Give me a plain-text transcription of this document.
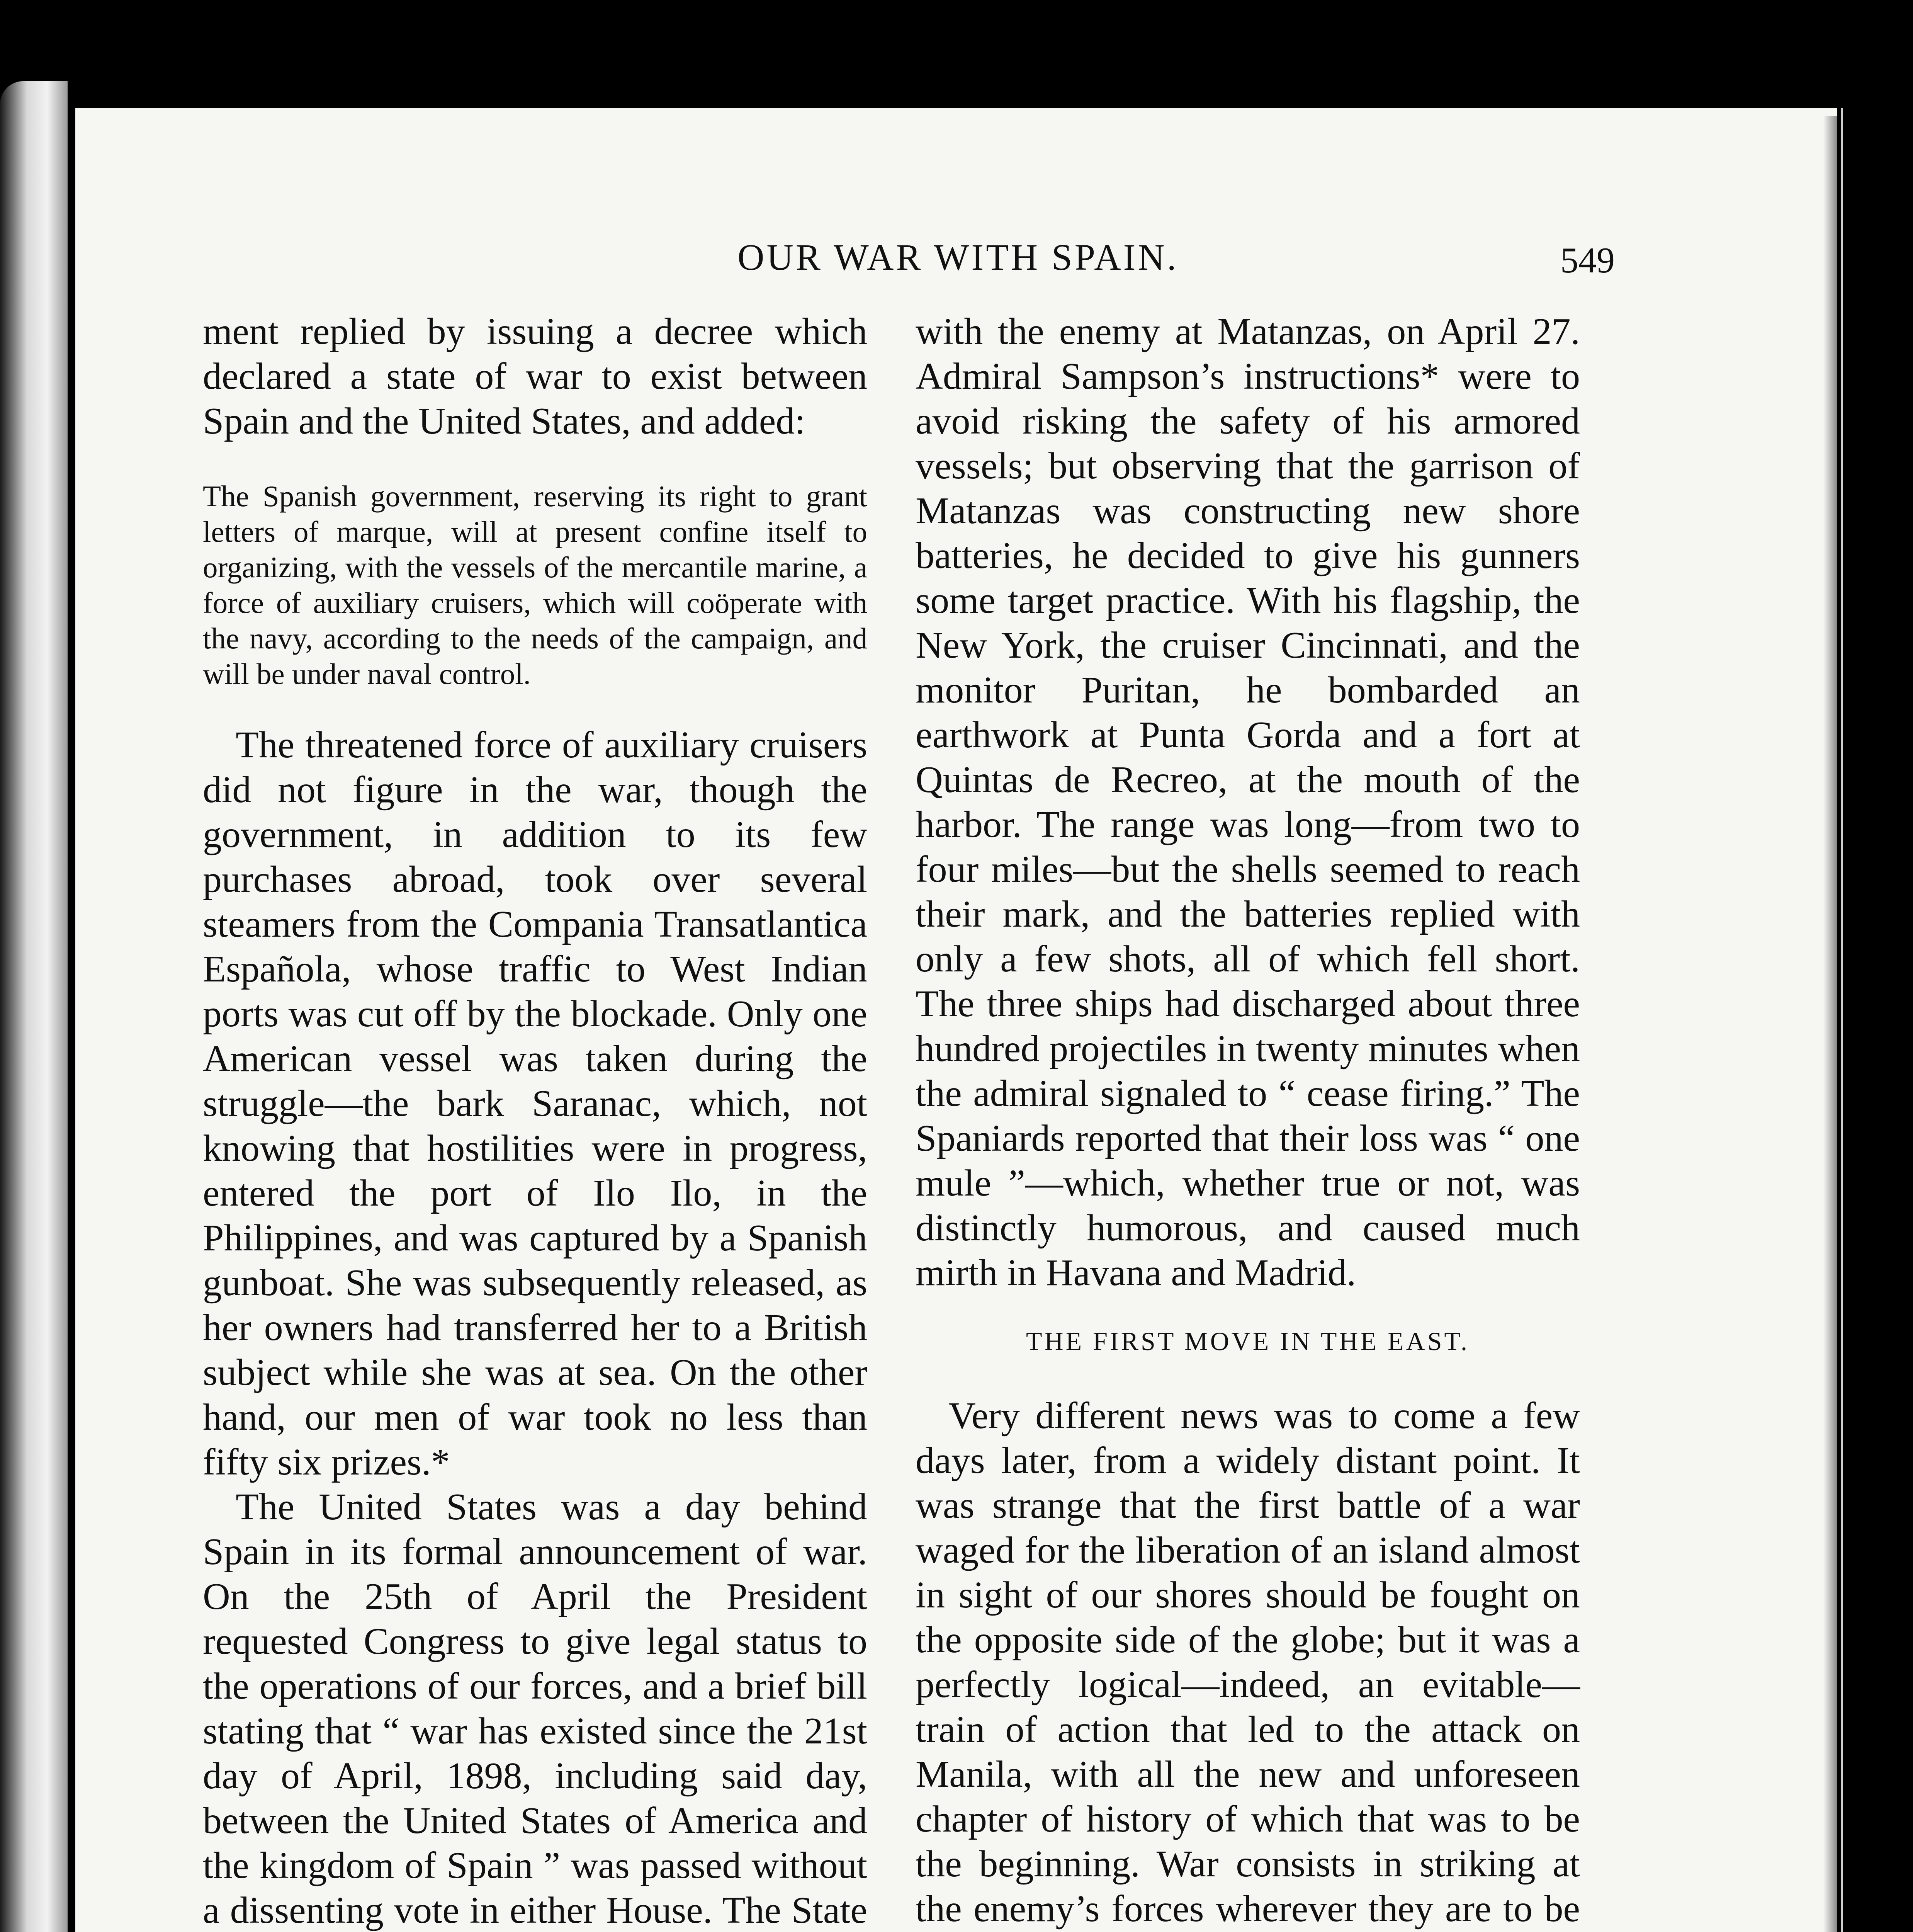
OUR WAR WITH SPAIN.	549

ment replied by issuing a decree which declared a state of war to exist between Spain and the United States, and added:

The Spanish government, reserving its right to grant letters of marque, will at present confine itself to organizing, with the vessels of the mercantile marine, a force of auxiliary cruisers, which will coöperate with the navy, according to the needs of the campaign, and will be under naval control.

The threatened force of auxiliary cruisers did not figure in the war, though the government, in addition to its few purchases abroad, took over several steamers from the Compania Transatlantica Española, whose traffic to West Indian ports was cut off by the blockade. Only one American vessel was taken during the struggle—the bark Saranac, which, not knowing that hostilities were in progress, entered the port of Ilo Ilo, in the Philippines, and was captured by a Spanish gunboat. She was subsequently released, as her owners had transferred her to a British subject while she was at sea. On the other hand, our men of war took no less than fifty six prizes.*

The United States was a day behind Spain in its formal announcement of war. On the 25th of April the President requested Congress to give legal status to the operations of our forces, and a brief bill stating that “ war has existed since the 21st day of April, 1898, including said day, between the United States of America and the kingdom of Spain ” was passed without a dissenting vote in either House. The State

with the enemy at Matanzas, on April 27. Admiral Sampson’s instructions* were to avoid risking the safety of his armored vessels; but observing that the garrison of Matanzas was constructing new shore batteries, he decided to give his gunners some target practice. With his flagship, the New York, the cruiser Cincinnati, and the monitor Puritan, he bombarded an earthwork at Punta Gorda and a fort at Quintas de Recreo, at the mouth of the harbor. The range was long—from two to four miles—but the shells seemed to reach their mark, and the batteries replied with only a few shots, all of which fell short. The three ships had discharged about three hundred projectiles in twenty minutes when the admiral signaled to “ cease firing.” The Spaniards reported that their loss was “ one mule ”—which, whether true or not, was distinctly humorous, and caused much mirth in Havana and Madrid.

THE FIRST MOVE IN THE EAST.

Very different news was to come a few days later, from a widely distant point. It was strange that the first battle of a war waged for the liberation of an island almost in sight of our shores should be fought on the opposite side of the globe; but it was a perfectly logical—indeed, an evitable—train of action that led to the attack on Manila, with all the new and unforeseen chapter of history of which that was to be the beginning. War consists in striking at the enemy’s forces wherever they are to be
